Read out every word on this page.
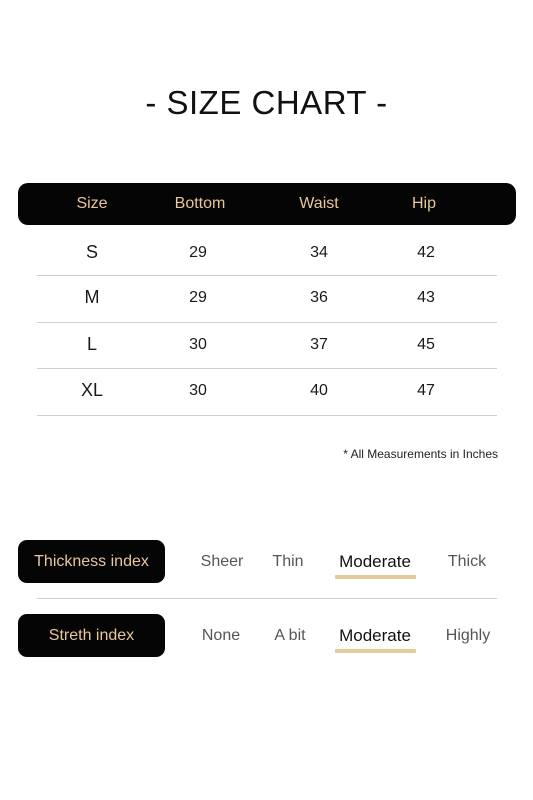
- SIZE CHART -
Size	Bottom	Waist	Hip
S	29	34	42
M	29	36	43
L	30	37	45
XL	30	40	47
* All Measurements in Inches
Thickness index	Sheer Thin Moderate Thick
Streth index	None A bit Moderate Highly
